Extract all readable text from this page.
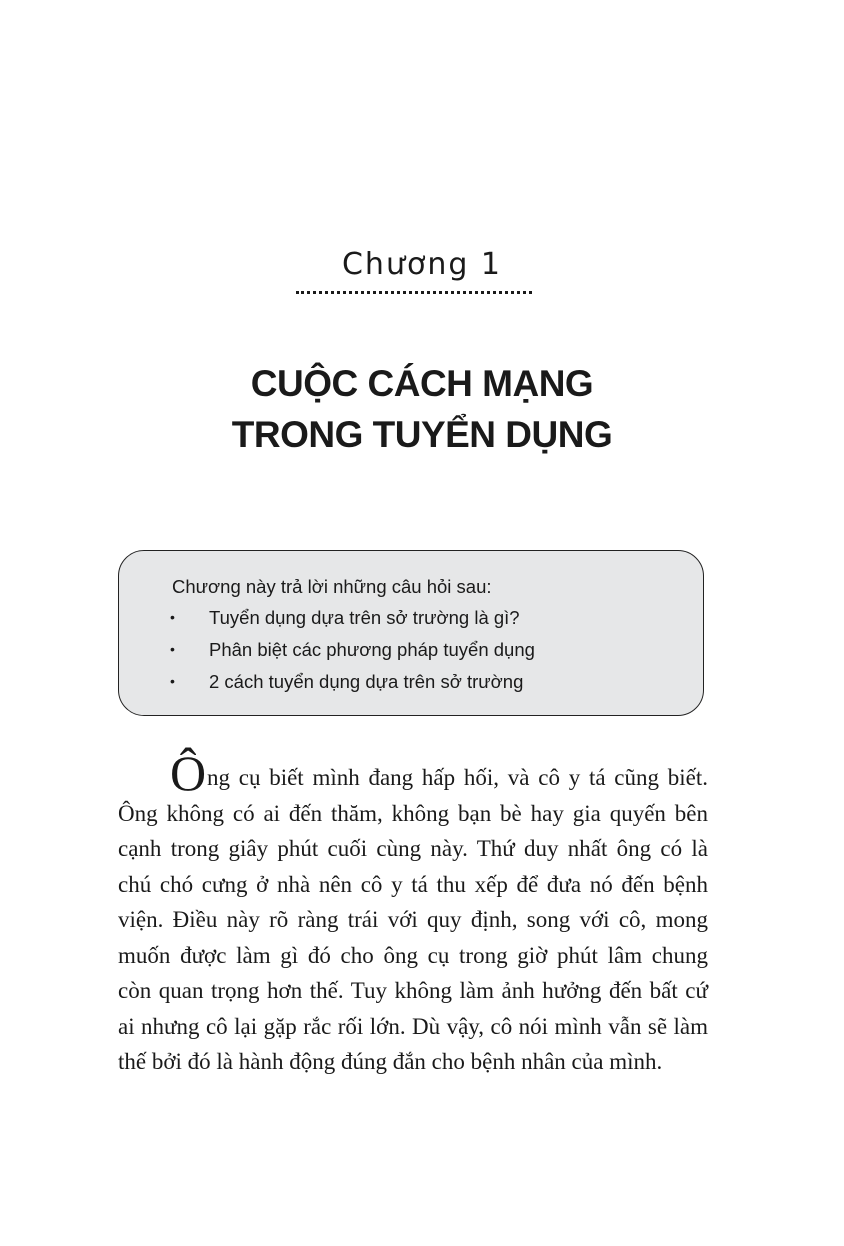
Chương 1
CUỘC CÁCH MẠNG
TRONG TUYỂN DỤNG
Chương này trả lời những câu hỏi sau:
• Tuyển dụng dựa trên sở trường là gì?
• Phân biệt các phương pháp tuyển dụng
• 2 cách tuyển dụng dựa trên sở trường
Ô ng cụ biết mình đang hấp hối, và cô y tá cũng biết.
Ông không có ai đến thăm, không bạn bè hay gia quyến bên
cạnh trong giây phút cuối cùng này. Thứ duy nhất ông có là
chú chó cưng ở nhà nên cô y tá thu xếp để đưa nó đến bệnh
viện. Điều này rõ ràng trái với quy định, song với cô, mong
muốn được làm gì đó cho ông cụ trong giờ phút lâm chung
còn quan trọng hơn thế. Tuy không làm ảnh hưởng đến bất cứ
ai nhưng cô lại gặp rắc rối lớn. Dù vậy, cô nói mình vẫn sẽ làm
thế bởi đó là hành động đúng đắn cho bệnh nhân của mình.
